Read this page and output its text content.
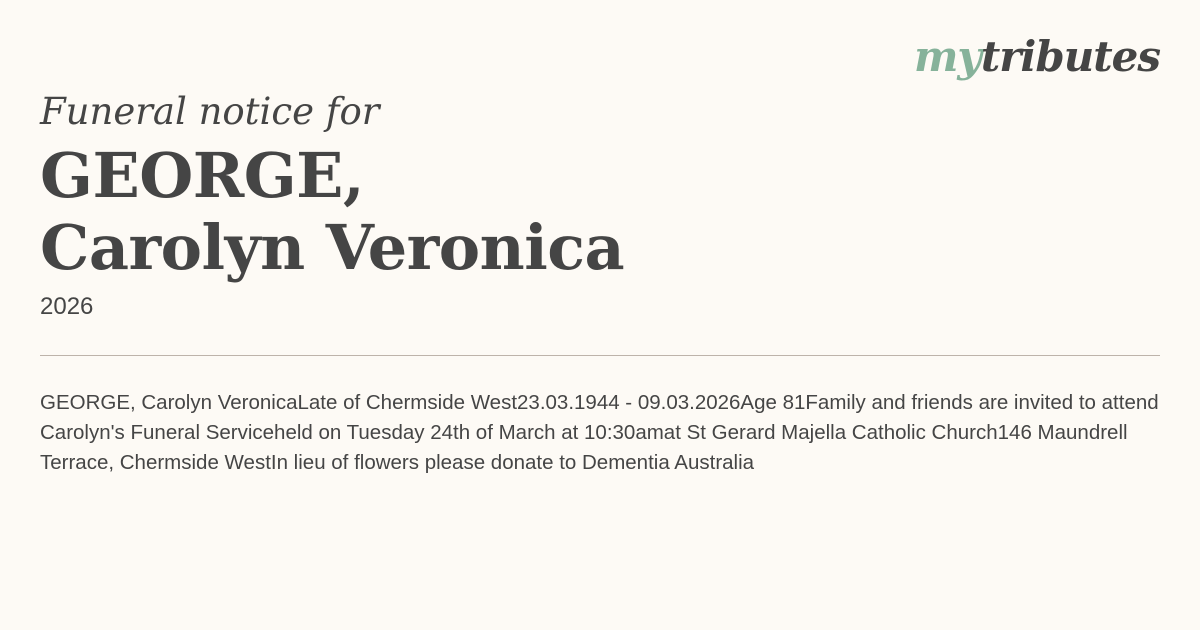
mytributes

Funeral notice for

GEORGE,
Carolyn Veronica

2026

GEORGE, Carolyn VeronicaLate of Chermside West23.03.1944 - 09.03.2026Age 81Family and friends are invited to attend Carolyn's Funeral Serviceheld on Tuesday 24th of March at 10:30amat St Gerard Majella Catholic Church146 Maundrell Terrace, Chermside WestIn lieu of flowers please donate to Dementia Australia
